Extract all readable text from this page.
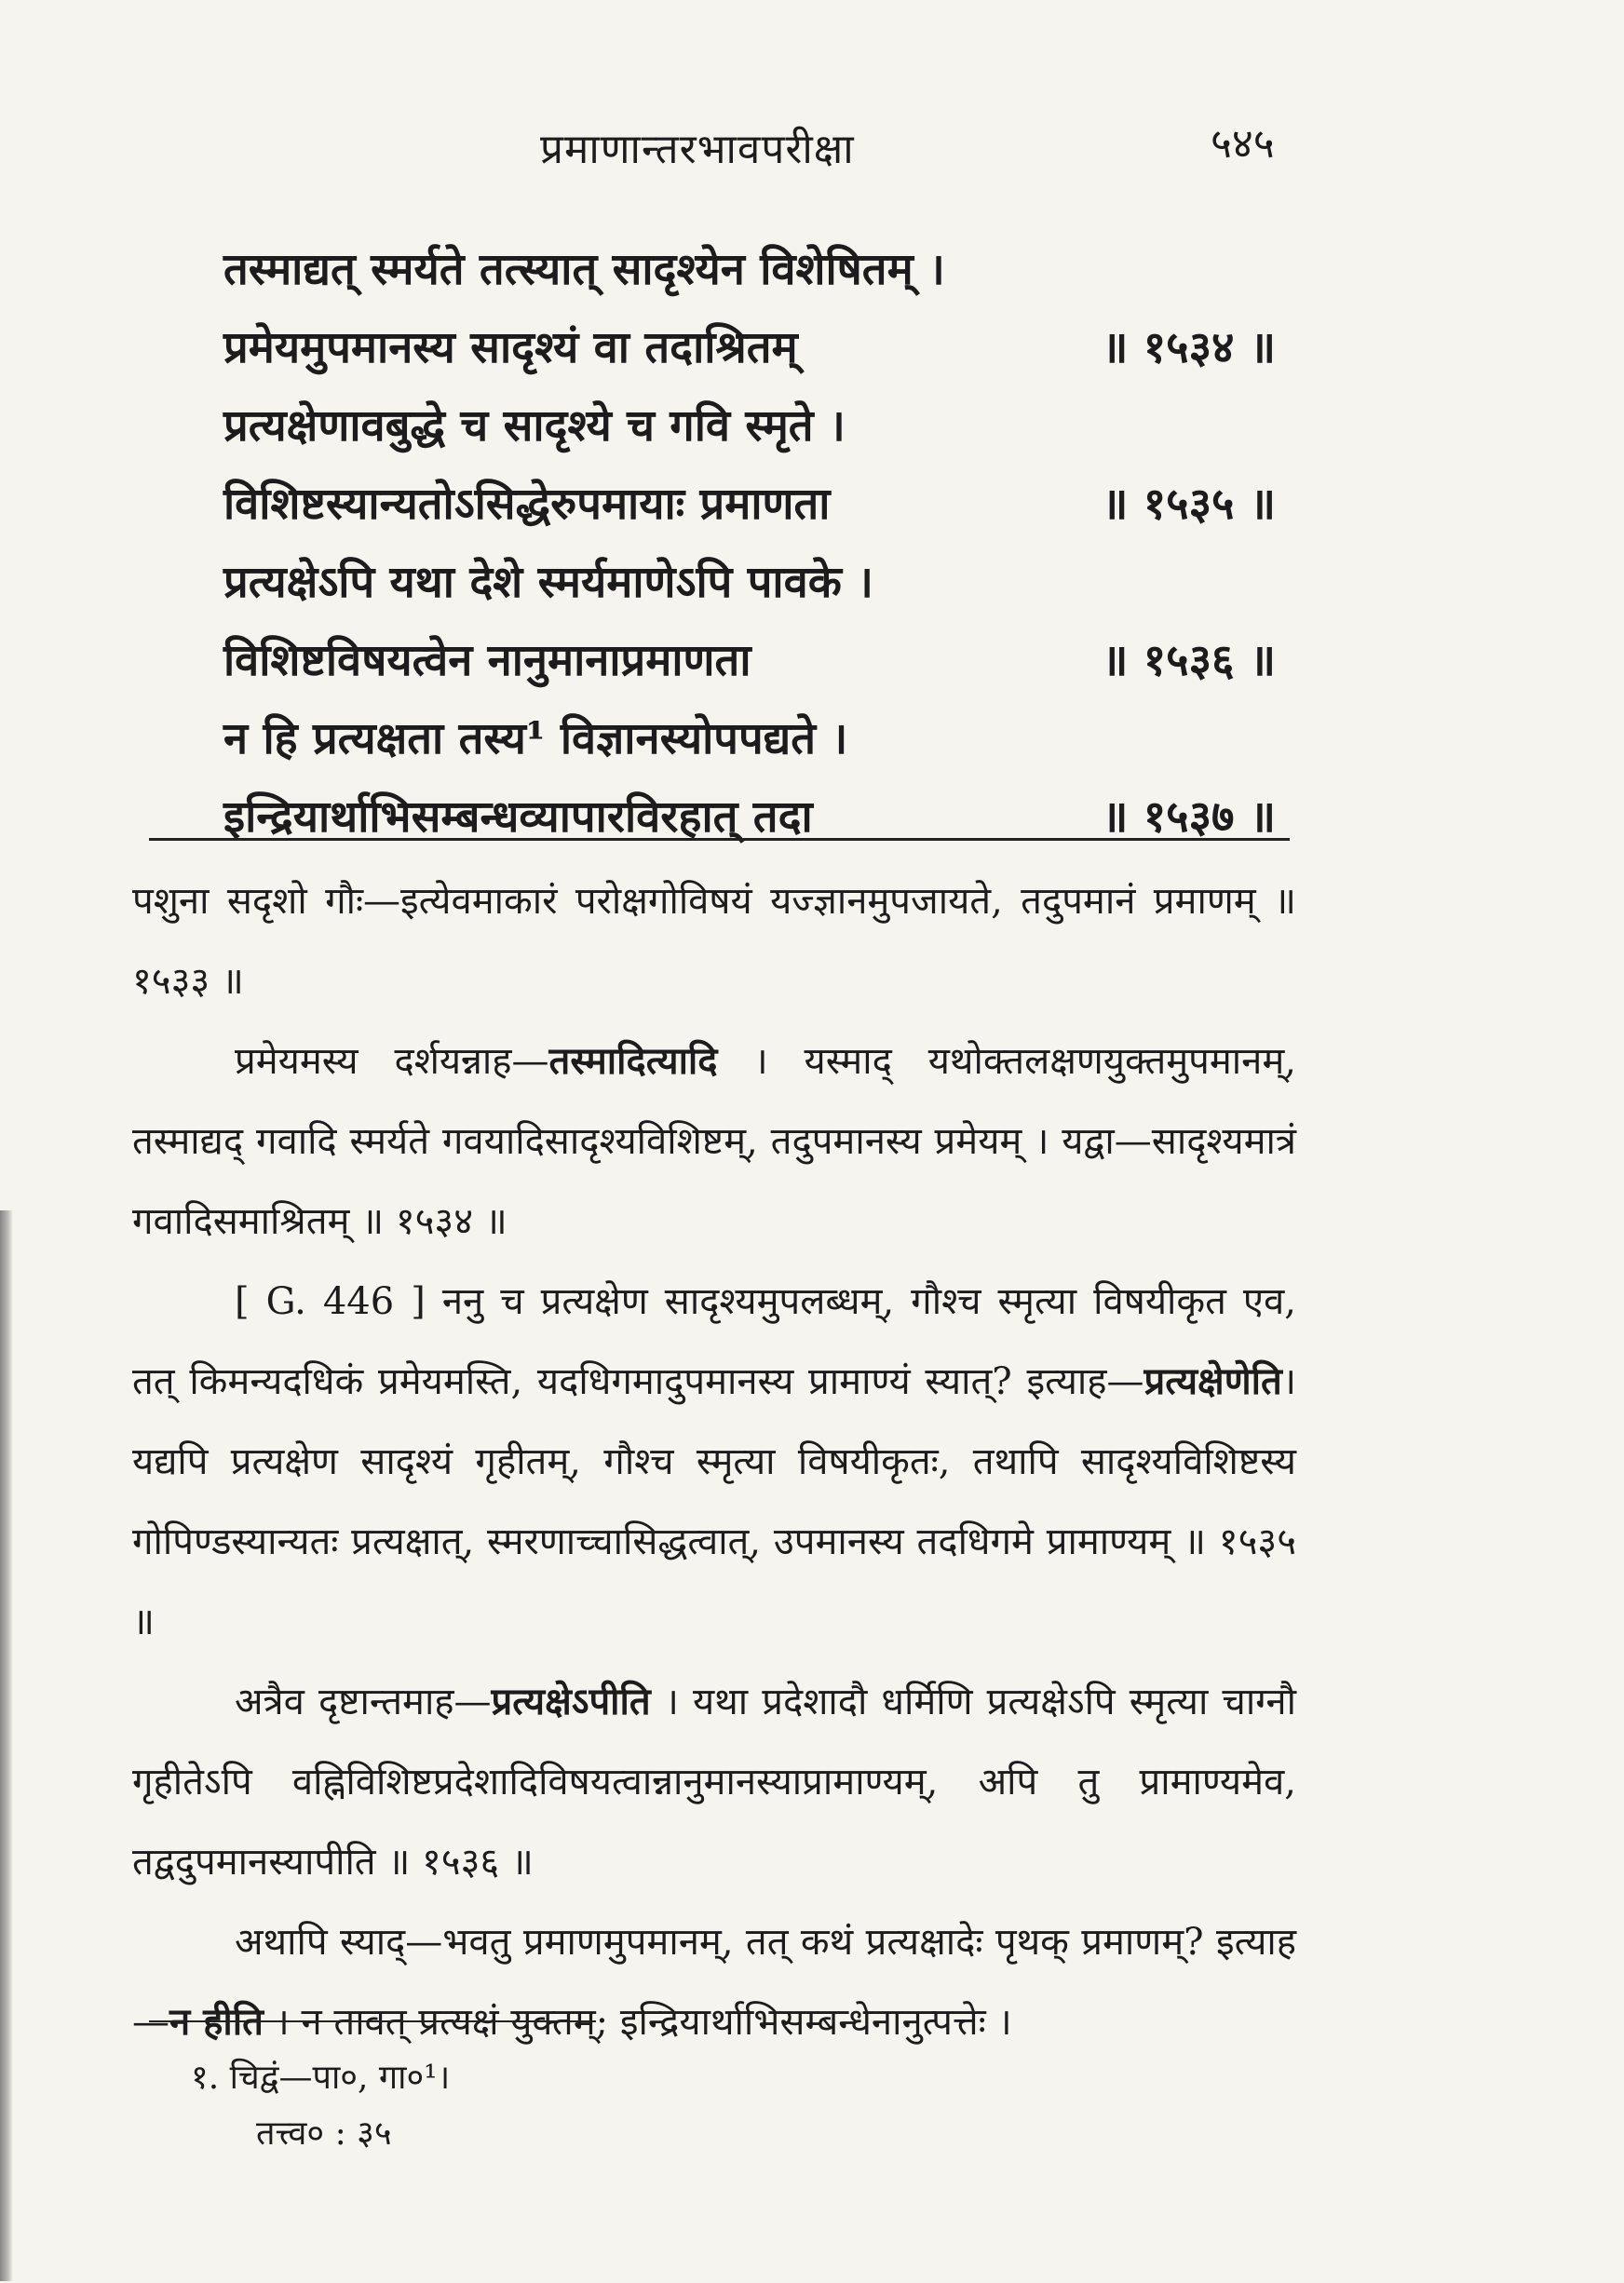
प्रमाणान्तरभावपरीक्षा	५४५
तस्माद्यत् स्मर्यते तत्स्यात् सादृश्येन विशेषितम् ।
प्रमेयमुपमानस्य सादृश्यं वा तदाश्रितम्	॥ १५३४ ॥
प्रत्यक्षेणावबुद्धे च सादृश्ये च गवि स्मृते ।
विशिष्टस्यान्यतोऽसिद्धेरुपमायाः प्रमाणता	॥ १५३५ ॥
प्रत्यक्षेऽपि यथा देशे स्मर्यमाणेऽपि पावके ।
विशिष्टविषयत्वेन नानुमानाप्रमाणता	॥ १५३६ ॥
न हि प्रत्यक्षता तस्य¹ विज्ञानस्योपपद्यते ।
इन्द्रियार्थाभिसम्बन्धव्यापारविरहात् तदा	॥ १५३७ ॥

पशुना सदृशो गौः—इत्येवमाकारं परोक्षगोविषयं यज्ज्ञानमुपजायते, तदुपमानं प्रमाणम् ॥ १५३३ ॥

प्रमेयमस्य दर्शयन्नाह—तस्मादित्यादि । यस्माद् यथोक्तलक्षणयुक्तमुपमानम्, तस्माद्यद् गवादि स्मर्यते गवयादिसादृश्यविशिष्टम्, तदुपमानस्य प्रमेयम् । यद्वा—सादृश्यमात्रं गवादिसमाश्रितम् ॥ १५३४ ॥

[ G. 446 ] ननु च प्रत्यक्षेण सादृश्यमुपलब्धम्, गौश्च स्मृत्या विषयीकृत एव, तत् किमन्यदधिकं प्रमेयमस्ति, यदधिगमादुपमानस्य प्रामाण्यं स्यात्? इत्याह—प्रत्यक्षेणेति। यद्यपि प्रत्यक्षेण सादृश्यं गृहीतम्, गौश्च स्मृत्या विषयीकृतः, तथापि सादृश्यविशिष्टस्य गोपिण्डस्यान्यतः प्रत्यक्षात्, स्मरणाच्चासिद्धत्वात्, उपमानस्य तदधिगमे प्रामाण्यम् ॥ १५३५ ॥

अत्रैव दृष्टान्तमाह—प्रत्यक्षेऽपीति । यथा प्रदेशादौ धर्मिणि प्रत्यक्षेऽपि स्मृत्या चाग्नौ गृहीतेऽपि वह्निविशिष्टप्रदेशादिविषयत्वान्नानुमानस्याप्रामाण्यम्, अपि तु प्रामाण्यमेव, तद्वदुपमानस्यापीति ॥ १५३६ ॥

अथापि स्याद्—भवतु प्रमाणमुपमानम्, तत् कथं प्रत्यक्षादेः पृथक् प्रमाणम्? इत्याह—न हीति । न तावत् प्रत्यक्षं युक्तम्; इन्द्रियार्थाभिसम्बन्धेनानुत्पत्तेः ।

१. चिद्वं—पा०, गा०¹।
तत्त्व० : ३५
